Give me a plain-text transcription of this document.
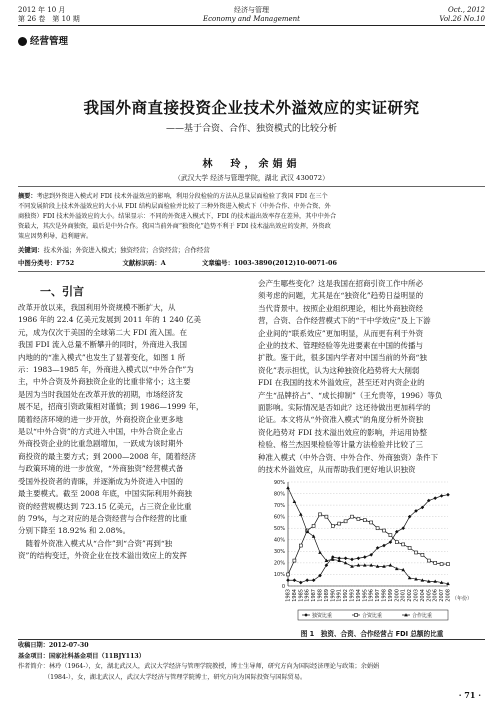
2012 年 10 月
第 26 卷　第 10 期
经济与管理
Economy and Management
Oct., 2012
Vol.26 No.10
经营管理
我国外商直接投资企业技术外溢效应的实证研究
——基于合资、合作、独资模式的比较分析
林　玲，余娟娟
（武汉大学 经济与管理学院，湖北 武汉 430072）
摘要：考虑到外资进入模式对 FDI 技术外溢效应的影响，利用分段检验的方法从总量层面检验了我国 FDI 在三个
不同发展阶段上技术外溢效应的大小从 FDI 结构层面检验并比较了三种外资进入模式下（中外合作、中外合资、外
商独资）FDI 技术外溢效应的大小。结果显示：不同的外资进入模式下，FDI 的技术溢出效率存在差异，其中中外合
资最大，其次是外商独资，最后是中外合作。我国当前外商“独资化”趋势不利于 FDI 技术溢出效应的发挥，外资政
策应因势利导，趋利避害。
关键词：技术外溢；外资进入模式；独资经营；合资经营；合作经营
中图分类号：F752	文献标识码：A	文章编号：1003-3890(2012)10-0071-06
一、引言
改革开放以来，我国利用外资规模不断扩大，从
1986 年的 22.4 亿美元发展到 2011 年的 1 240 亿美
元，成为仅次于美国的全球第二大 FDI 流入国。在
我国 FDI 流入总量不断攀升的同时，外商进入我国
内地的的“准入模式”也发生了显著变化，如图 1 所
示：1983—1985 年，外商进入模式以“中外合作”为
主，中外合资及外商独资企业的比重非常小；这主要
是因为当时我国处在改革开放的初期，市场经济发
展不足，招商引资政策相对谨慎；到 1986—1999 年，
随着经济环境的进一步开放，外商投资企业更多地
是以“中外合资”的方式进入中国，中外合资企业占
外商投资企业的比重急剧增加，一跃成为该时期外
商投资的最主要方式；到 2000—2008 年，随着经济
与政策环境的进一步放宽，“外商独资”经营模式备
受国外投资者的青睐，并逐渐成为外资进入中国的
最主要模式。截至 2008 年底，中国实际利用外商独
资的经营规模达到 723.15 亿美元，占三资企业比重
的 79%，与之对应的是合资经营与合作经营的比重
分别下降至 18.92% 和 2.08%。
　随着外资准入模式从“合作”到“合资”再到“独
资”的结构变迁，外资企业在技术溢出效应上的发挥
会产生哪些变化？这是我国在招商引资工作中所必
须考虑的问题，尤其是在“独资化”趋势日益明显的
当代背景中。按照企业组织理论，相比外商独资经
营，合资、合作经营模式下的“干中学效应”及上下游
企业间的“联系效应”更加明显，从而更有利于外资
企业的技术、管理经验等先进要素在中国的传播与
扩散。鉴于此，很多国内学者对中国当前的外商“独
资化”表示担忧，认为这种独资化趋势将大大削弱
FDI 在我国的技术外溢效应，甚至还对内资企业的
产生“品牌挤占”、“成长抑制”（王允贵等，1996）等负
面影响。实际情况是否如此？这还待做出更加科学的
论证。本文将从“外资准入模式”的角度分析外资独
资化趋势对 FDI 技术溢出效应的影响，并运用协整
检验、格兰杰因果检验等计量方法检验并比较了三
种准入模式（中外合资、中外合作、外商独资）条件下
的技术外溢效应，从而帮助我们更好地认识独资
0
10%
20%
30%
40%
50%
60%
70%
80%
90%
1983 1984 1985 1986 1987 1988 1989 1990 1991 1992 1993 1994 1995 1996 1997 1998 1999 2000 2001 2002 2003 2004 2005 2006 2007 2008 （年份）
独资比重	合资比重	合作比重
图 1　独资、合资、合作经营占 FDI 总额的比重
收稿日期：2012-07-30
基金项目：国家社科基金项目（11BJY113）
作者简介：林玲（1964-），女，湖北武汉人，武汉大学经济与管理学院教授，博士生导师，研究方向为国际经济理论与政策；余娟娟
（1984-），女，湖北武汉人，武汉大学经济与管理学院博士，研究方向为国际投资与国际贸易。
· 71 ·
